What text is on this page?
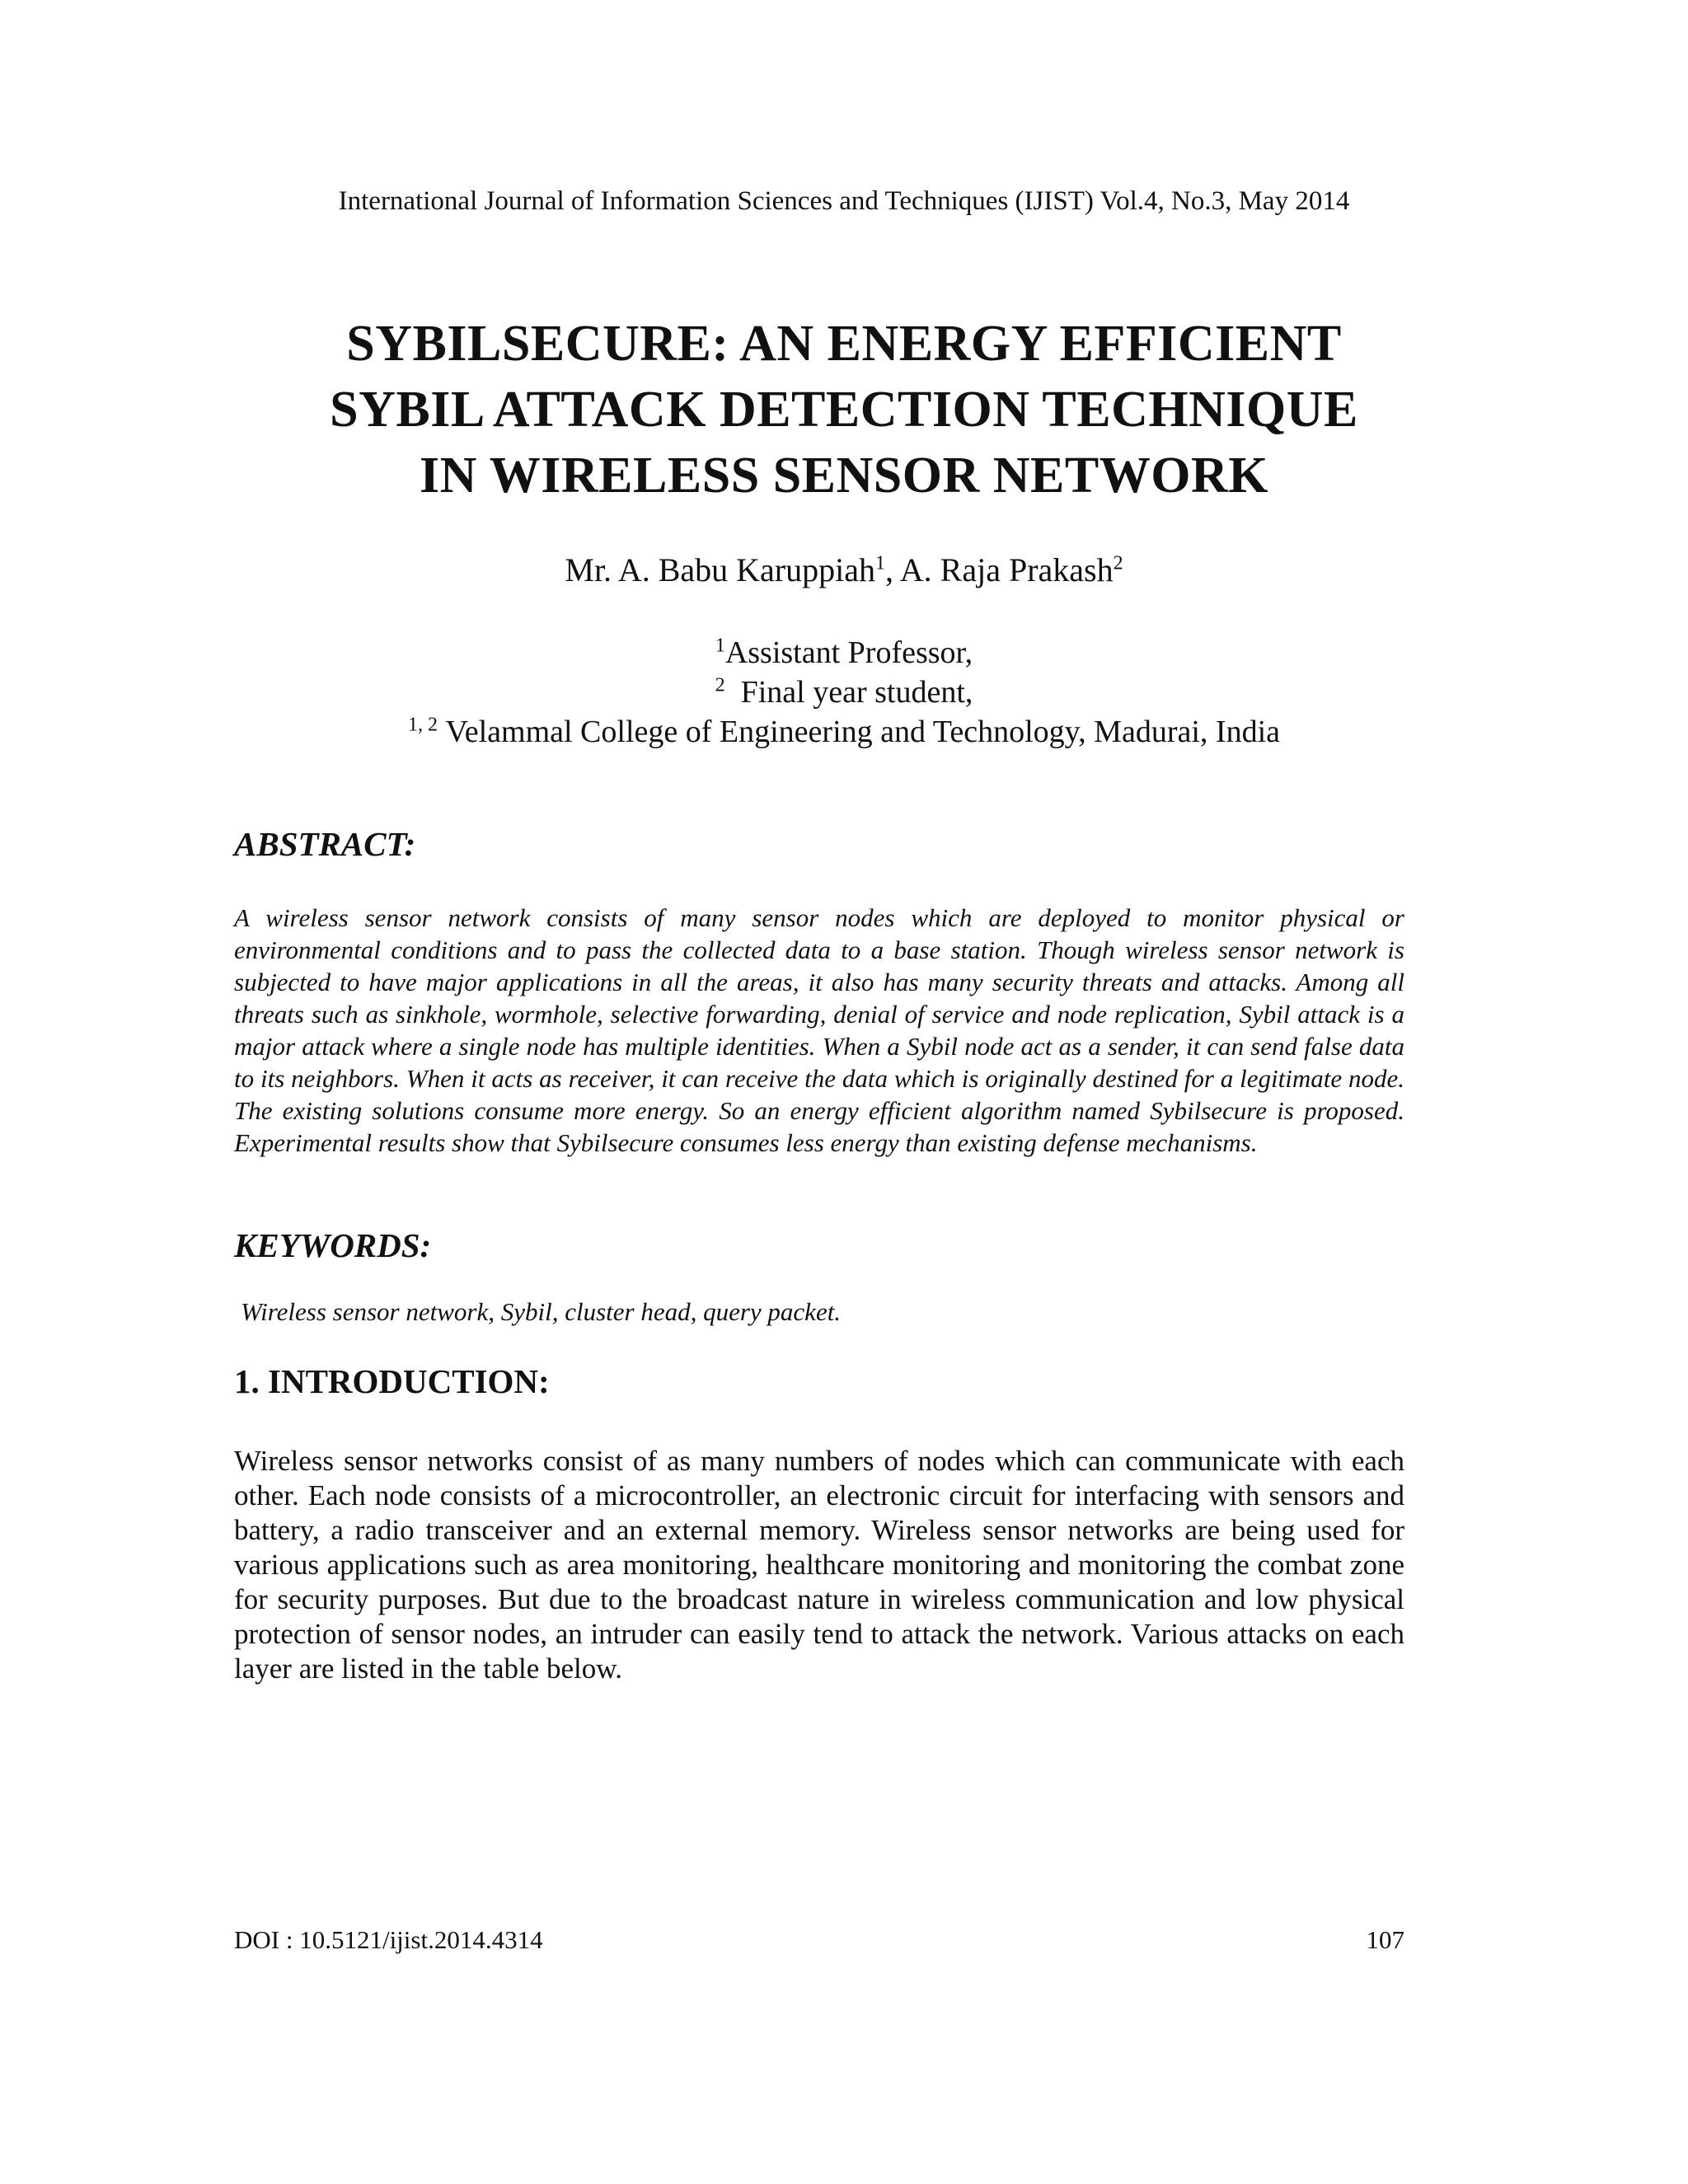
International Journal of Information Sciences and Techniques (IJIST) Vol.4, No.3, May 2014
SYBILSECURE: AN ENERGY EFFICIENT
SYBIL ATTACK DETECTION TECHNIQUE
IN WIRELESS SENSOR NETWORK
Mr. A. Babu Karuppiah$^1$, A. Raja Prakash$^2$
$^1$Assistant Professor,
$^2$ Final year student,
$^{1, 2}$ Velammal College of Engineering and Technology, Madurai, India
ABSTRACT:
A wireless sensor network consists of many sensor nodes which are deployed to monitor physical or environmental conditions and to pass the collected data to a base station. Though wireless sensor network is subjected to have major applications in all the areas, it also has many security threats and attacks. Among all threats such as sinkhole, wormhole, selective forwarding, denial of service and node replication, Sybil attack is a major attack where a single node has multiple identities. When a Sybil node act as a sender, it can send false data to its neighbors. When it acts as receiver, it can receive the data which is originally destined for a legitimate node. The existing solutions consume more energy. So an energy efficient algorithm named Sybilsecure is proposed. Experimental results show that Sybilsecure consumes less energy than existing defense mechanisms.
KEYWORDS:
Wireless sensor network, Sybil, cluster head, query packet.
1. INTRODUCTION:
Wireless sensor networks consist of as many numbers of nodes which can communicate with each other. Each node consists of a microcontroller, an electronic circuit for interfacing with sensors and battery, a radio transceiver and an external memory. Wireless sensor networks are being used for various applications such as area monitoring, healthcare monitoring and monitoring the combat zone for security purposes. But due to the broadcast nature in wireless communication and low physical protection of sensor nodes, an intruder can easily tend to attack the network. Various attacks on each layer are listed in the table below.
DOI : 10.5121/ijist.2014.4314	107
